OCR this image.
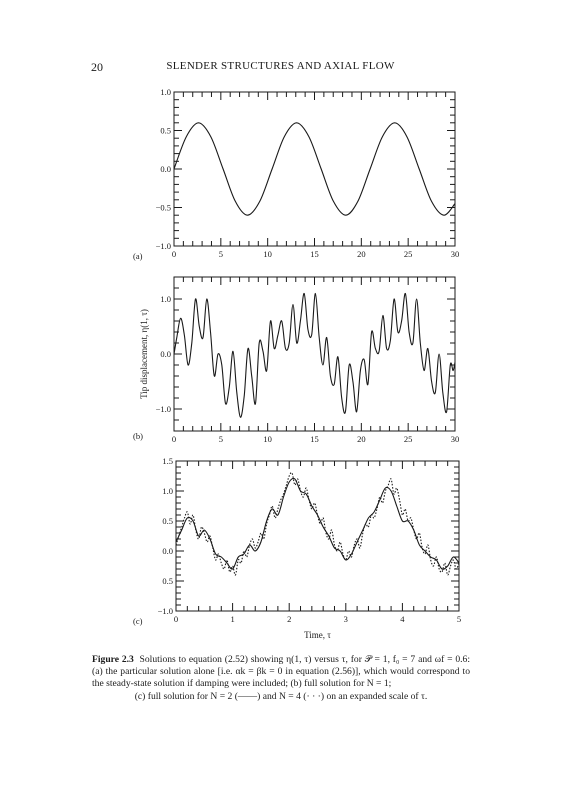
20	SLENDER STRUCTURES AND AXIAL FLOW
0	5	10	15	20	25	30
1.0
0.5
0.0
−0.5
−1.0
(a)
0	5	10	15	20	25	30
1.0
0.0
−1.0
(b)
Tip displacement, η(1, τ)
0	1	2	3	4	5
1.5
1.0
0.5
0.0
0.5
−1.0
(c)
Time, τ

Figure 2.3 Solutions to equation (2.52) showing η(1, τ) versus τ, for 𝒫 = 1, f₀ = 7 and ωf = 0.6: (a) the particular solution alone [i.e. αk = βk = 0 in equation (2.56)], which would correspond to the steady-state solution if damping were included; (b) full solution for N = 1;

(c) full solution for N = 2 (——) and N = 4 (· · ·) on an expanded scale of τ.
